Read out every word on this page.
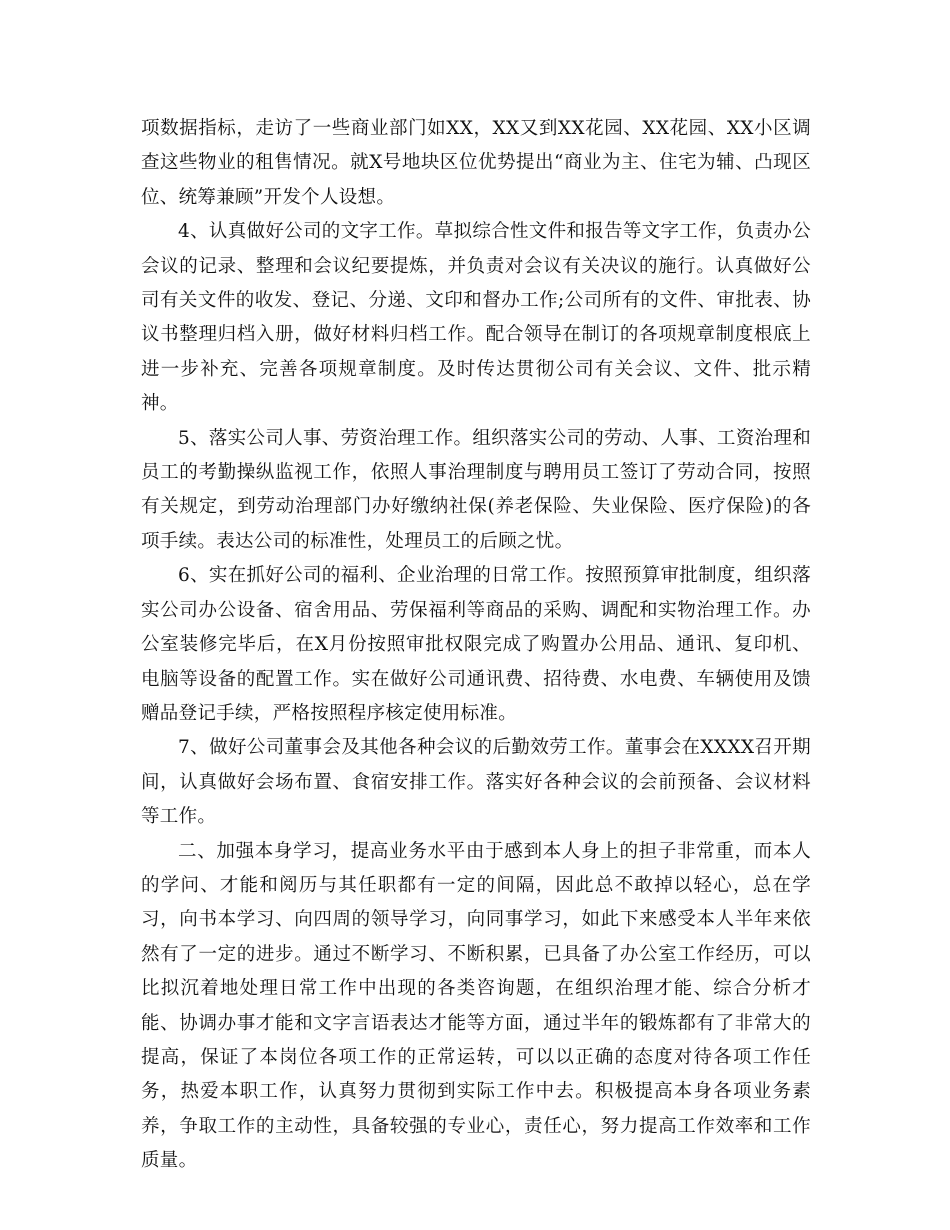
项数据指标，走访了一些商业部门如XX，XX又到XX花园、XX花园、XX小区调查这些物业的租售情况。就X号地块区位优势提出“商业为主、住宅为辅、凸现区位、统筹兼顾”开发个人设想。

4、认真做好公司的文字工作。草拟综合性文件和报告等文字工作，负责办公会议的记录、整理和会议纪要提炼，并负责对会议有关决议的施行。认真做好公司有关文件的收发、登记、分递、文印和督办工作;公司所有的文件、审批表、协议书整理归档入册，做好材料归档工作。配合领导在制订的各项规章制度根底上进一步补充、完善各项规章制度。及时传达贯彻公司有关会议、文件、批示精神。

5、落实公司人事、劳资治理工作。组织落实公司的劳动、人事、工资治理和员工的考勤操纵监视工作，依照人事治理制度与聘用员工签订了劳动合同，按照有关规定，到劳动治理部门办好缴纳社保(养老保险、失业保险、医疗保险)的各项手续。表达公司的标准性，处理员工的后顾之忧。

6、实在抓好公司的福利、企业治理的日常工作。按照预算审批制度，组织落实公司办公设备、宿舍用品、劳保福利等商品的采购、调配和实物治理工作。办公室装修完毕后，在X月份按照审批权限完成了购置办公用品、通讯、复印机、电脑等设备的配置工作。实在做好公司通讯费、招待费、水电费、车辆使用及馈赠品登记手续，严格按照程序核定使用标准。

7、做好公司董事会及其他各种会议的后勤效劳工作。董事会在XXXX召开期间，认真做好会场布置、食宿安排工作。落实好各种会议的会前预备、会议材料等工作。

二、加强本身学习，提高业务水平由于感到本人身上的担子非常重，而本人的学问、才能和阅历与其任职都有一定的间隔，因此总不敢掉以轻心，总在学习，向书本学习、向四周的领导学习，向同事学习，如此下来感受本人半年来依然有了一定的进步。通过不断学习、不断积累，已具备了办公室工作经历，可以比拟沉着地处理日常工作中出现的各类咨询题，在组织治理才能、综合分析才能、协调办事才能和文字言语表达才能等方面，通过半年的锻炼都有了非常大的提高，保证了本岗位各项工作的正常运转，可以以正确的态度对待各项工作任务，热爱本职工作，认真努力贯彻到实际工作中去。积极提高本身各项业务素养，争取工作的主动性，具备较强的专业心，责任心，努力提高工作效率和工作质量。
